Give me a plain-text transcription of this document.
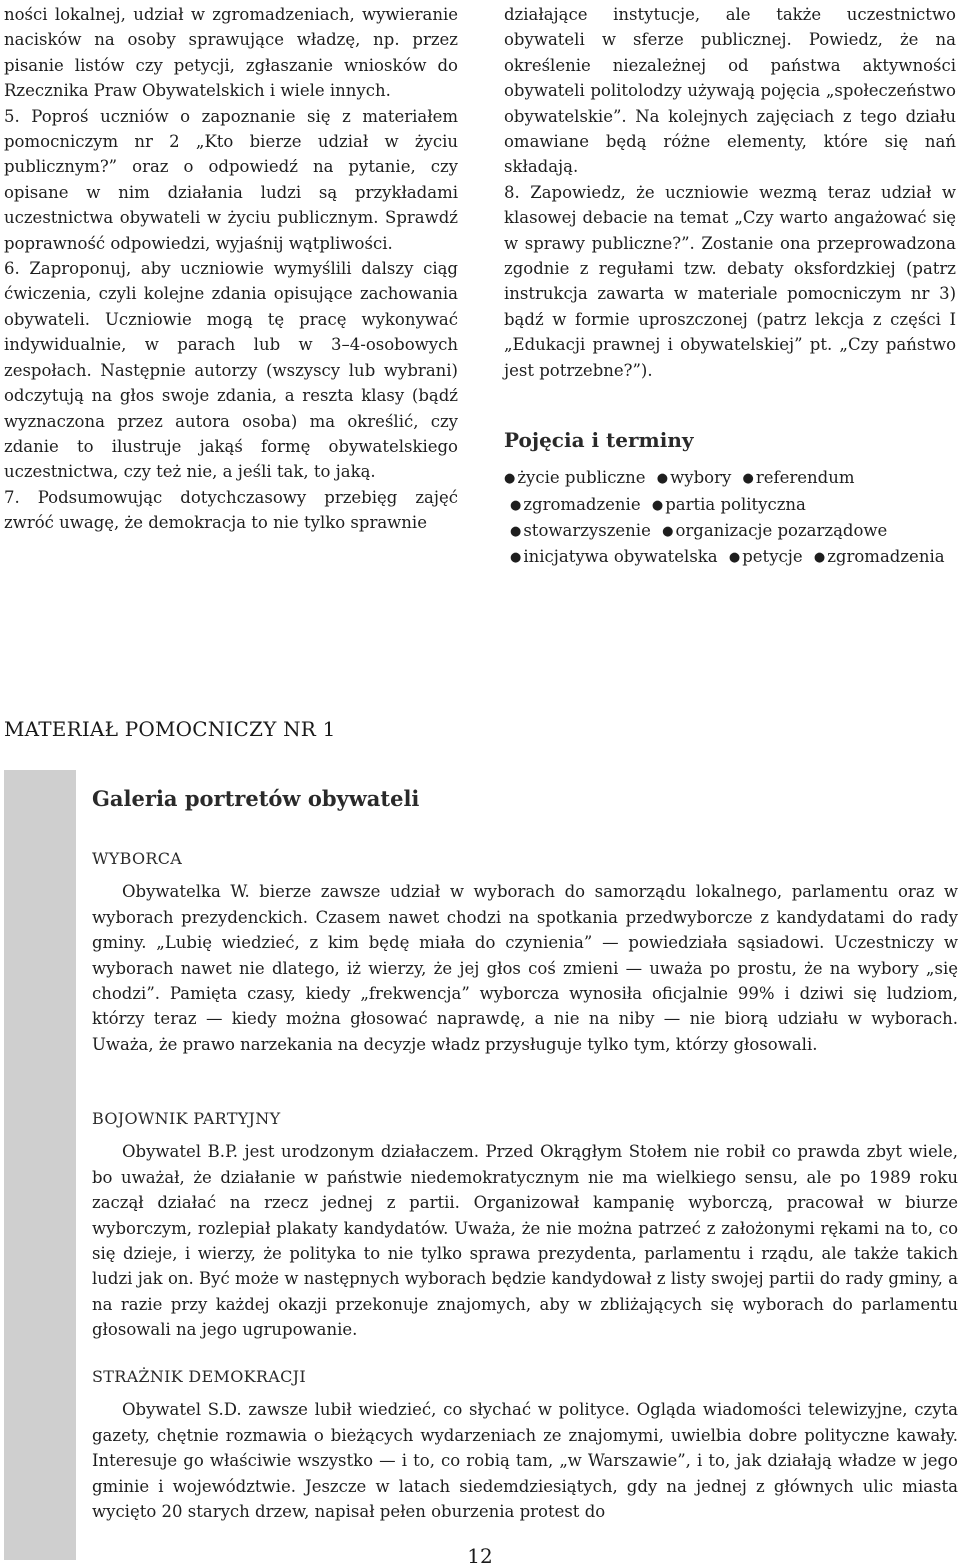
ności lokalnej, udział w zgromadzeniach, wywieranie nacisków na osoby sprawujące władzę, np. przez pisanie listów czy petycji, zgłaszanie wniosków do Rzecznika Praw Obywatelskich i wiele innych.

5. Poproś uczniów o zapoznanie się z materiałem pomocniczym nr 2 „Kto bierze udział w życiu publicznym?” oraz o odpowiedź na pytanie, czy opisane w nim działania ludzi są przykładami uczestnictwa obywateli w życiu publicznym. Sprawdź poprawność odpowiedzi, wyjaśnij wątpliwości.

6. Zaproponuj, aby uczniowie wymyślili dalszy ciąg ćwiczenia, czyli kolejne zdania opisujące zachowania obywateli. Uczniowie mogą tę pracę wykonywać indywidualnie, w parach lub w 3–4-osobowych zespołach. Następnie autorzy (wszyscy lub wybrani) odczytują na głos swoje zdania, a reszta klasy (bądź wyznaczona przez autora osoba) ma określić, czy zdanie to ilustruje jakąś formę obywatelskiego uczestnictwa, czy też nie, a jeśli tak, to jaką.

7. Podsumowując dotychczasowy przebięg zajęć zwróć uwagę, że demokracja to nie tylko sprawnie

działające instytucje, ale także uczestnictwo obywateli w sferze publicznej. Powiedz, że na określenie niezależnej od państwa aktywności obywateli politolodzy używają pojęcia „społeczeństwo obywatelskie”. Na kolejnych zajęciach z tego działu omawiane będą różne elementy, które się nań składają.

8. Zapowiedz, że uczniowie wezmą teraz udział w klasowej debacie na temat „Czy warto angażować się w sprawy publiczne?”. Zostanie ona przeprowadzona zgodnie z regułami tzw. debaty oksfordzkiej (patrz instrukcja zawarta w materiale pomocniczym nr 3) bądź w formie uproszczonej (patrz lekcja z części I „Edukacji prawnej i obywatelskiej” pt. „Czy państwo jest potrzebne?”).

Pojęcia i terminy
● życie publiczne ● wybory ● referendum ● zgromadzenie ● partia polityczna ● stowarzyszenie ● organizacje pozarządowe ● inicjatywa obywatelska ● petycje ● zgromadzenia
MATERIAŁ POMOCNICZY NR 1
Galeria portretów obywateli

WYBORCA

Obywatelka W. bierze zawsze udział w wyborach do samorządu lokalnego, parlamentu oraz w wyborach prezydenckich. Czasem nawet chodzi na spotkania przedwyborcze z kandydatami do rady gminy. „Lubię wiedzieć, z kim będę miała do czynienia” — powiedziała sąsiadowi. Uczestniczy w wyborach nawet nie dlatego, iż wierzy, że jej głos coś zmieni — uważa po prostu, że na wybory „się chodzi”. Pamięta czasy, kiedy „frekwencja” wyborcza wynosiła oficjalnie 99% i dziwi się ludziom, którzy teraz — kiedy można głosować naprawdę, a nie na niby — nie biorą udziału w wyborach. Uważa, że prawo narzekania na decyzje władz przysługuje tylko tym, którzy głosowali.

BOJOWNIK PARTYJNY

Obywatel B.P. jest urodzonym działaczem. Przed Okrągłym Stołem nie robił co prawda zbyt wiele, bo uważał, że działanie w państwie niedemokratycznym nie ma wielkiego sensu, ale po 1989 roku zaczął działać na rzecz jednej z partii. Organizował kampanię wyborczą, pracował w biurze wyborczym, rozlepiał plakaty kandydatów. Uważa, że nie można patrzeć z założonymi rękami na to, co się dzieje, i wierzy, że polityka to nie tylko sprawa prezydenta, parlamentu i rządu, ale także takich ludzi jak on. Być może w następnych wyborach będzie kandydował z listy swojej partii do rady gminy, a na razie przy każdej okazji przekonuje znajomych, aby w zbliżających się wyborach do parlamentu głosowali na jego ugrupowanie.

STRAŻNIK DEMOKRACJI

Obywatel S.D. zawsze lubił wiedzieć, co słychać w polityce. Ogląda wiadomości telewizyjne, czyta gazety, chętnie rozmawia o bieżących wydarzeniach ze znajomymi, uwielbia dobre polityczne kawały. Interesuje go właściwie wszystko — i to, co robią tam, „w Warszawie”, i to, jak działają władze w jego gminie i województwie. Jeszcze w latach siedemdziesiątych, gdy na jednej z głównych ulic miasta wycięto 20 starych drzew, napisał pełen oburzenia protest do

12
